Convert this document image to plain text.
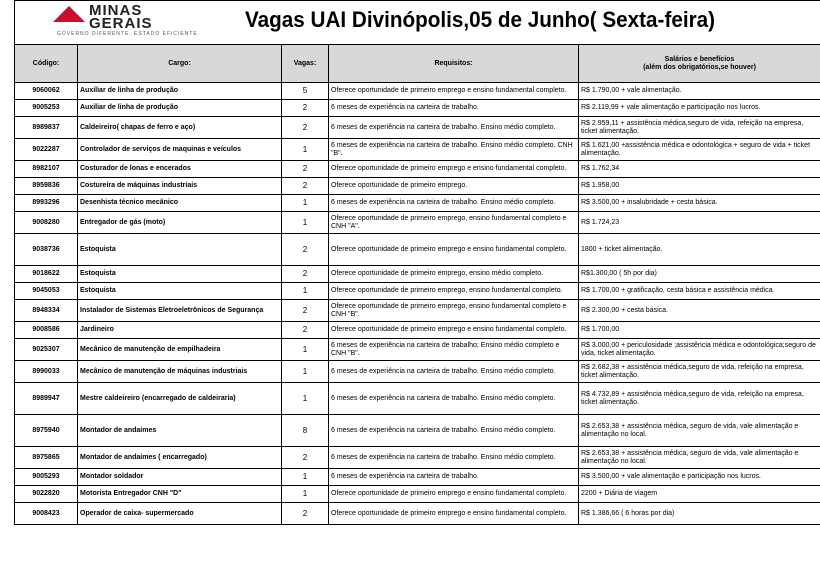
MINAS
GERAIS
GOVERNO DIFERENTE. ESTADO EFICIENTE.
Vagas UAI Divinópolis,05 de Junho( Sexta-feira)
Código:	Cargo:	Vagas:	Requisitos:	Salários e benefícios
(além dos obrigatórios,se houver)

9060062	Auxiliar de linha de produção	5	Oferece oportunidade de primeiro emprego e ensino fundamental completo.	R$ 1.790,00 + vale alimentação.
9005253	Auxiliar de linha de produção	2	6 meses de experiência na carteira de trabalho.	R$ 2.119,99 + vale alimentação e participação nos lucros.
8989837	Caldeireiro( chapas de ferro e aço)	2	6 meses de experiência na carteira de trabalho. Ensino médio completo.	R$ 2.959,11 + assistência médica,seguro de vida, refeição na empresa, ticket alimentação.
9022287	Controlador de serviços de maquinas e veículos	1	6 meses de experiência na carteira de trabalho. Ensino médio completo. CNH "B".	R$ 1.621,00 +assistência médica e odontológica + seguro de vida + ticket alimentação.
8982107	Costurador de lonas e encerados	2	Oferece oportunidade de primeiro emprego e ensino fundamental completo.	R$ 1.762,34
8959836	Costureira de máquinas industriais	2	Oferece oportunidade de primeiro emprego.	R$ 1.958,00
8993296	Desenhista técnico mecânico	1	6 meses de experiência na carteira de trabalho. Ensino médio completo.	R$ 3.500,00 + insalubridade + cesta básica.
9008280	Entregador de gás (moto)	1	Oferece oportunidade de primeiro emprego, ensino fundamental completo e CNH "A".	R$ 1.724,23
9038736	Estoquista	2	Oferece oportunidade de primeiro emprego e ensino fundamental completo.	1800 + ticket alimentação.
9018622	Estoquista	2	Oferece oportunidade de primeiro emprego, ensino médio completo.	R$1.300,00 ( 5h por dia)
9045053	Estoquista	1	Oferece oportunidade de primeiro emprego, ensino fundamental completo.	R$ 1.700,00 + gratificação, cesta básica e assistência médica.
8948334	Instalador de Sistemas Eletroeletrônicos de Segurança	2	Oferece oportunidade de primeiro emprego, ensino fundamental completo e CNH "B".	R$ 2.300,00 + cesta básica.
9008586	Jardineiro	2	Oferece oportunidade de primeiro emprego e ensino fundamental completo.	R$ 1.700,00
9025307	Mecânico de manutenção de empilhadeira	1	6 meses de experiência na carteira de trabalho; Ensino médio completo e CNH "B".	R$ 3.000,00 + periculosidade ;assistência médica e odontológica;seguro de vida, ticket alimentação.
8990033	Mecânico de manutenção de máquinas industriais	1	6 meses de experiência na carteira de trabalho. Ensino médio completo.	R$ 2.682,38 + assistência médica,seguro de vida, refeição na empresa, ticket alimentação.
8989947	Mestre caldeireiro (encarregado de caldeiraria)	1	6 meses de experiência na carteira de trabalho. Ensino médio completo.	R$ 4.732,89 + assistência médica,seguro de vida, refeição na empresa, ticket alimentação.
8975940	Montador de andaimes	8	6 meses de experiência na carteira de trabalho. Ensino médio completo.	R$ 2.653,38 + assistência médica, seguro de vida, vale alimentação e alimentação no local.
8975865	Montador de andaimes ( encarregado)	2	6 meses de experiência na carteira de trabalho. Ensino médio completo.	R$ 2.653,38 + assistência médica, seguro de vida, vale alimentação e alimentação no local.
9005293	Montador soldador	1	6 meses de experiência na carteira de trabalho.	R$ 3.500,00 + vale alimentação e participação nos lucros.
9022820	Motorista Entregador CNH "D"	1	Oferece oportunidade de primeiro emprego e ensino fundamental completo.	2200 + Diária de viagem
9008423	Operador de caixa- supermercado	2	Oferece oportunidade de primeiro emprego e ensino fundamental completo.	R$ 1.386,66 ( 6 horas por dia)
